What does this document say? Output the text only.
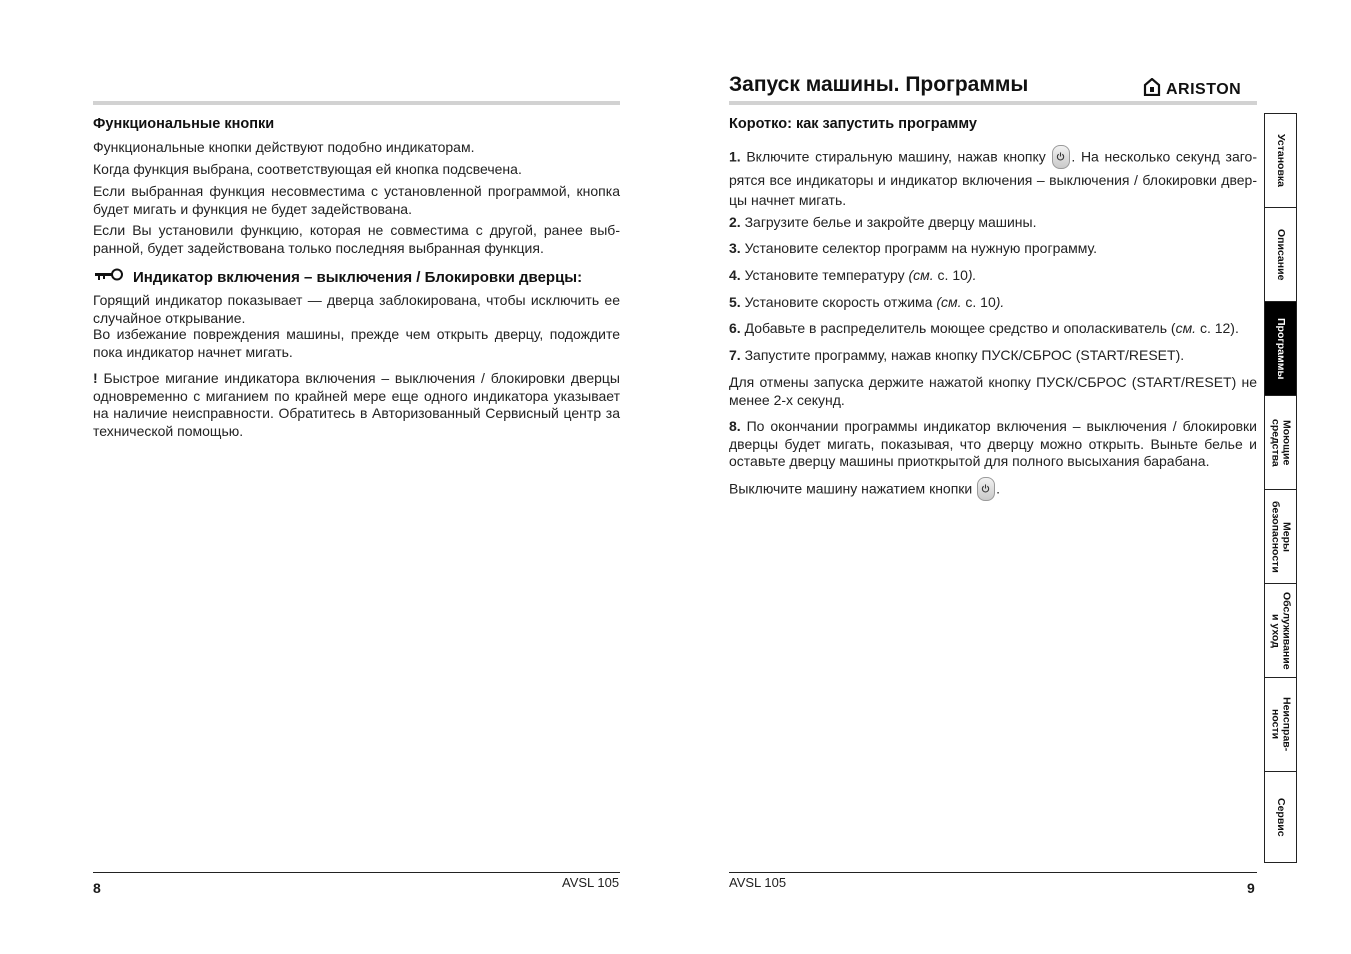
Функциональные кнопки

Функциональные кнопки действуют подобно индикаторам.

Когда функция выбрана, соответствующая ей кнопка подсвечена.

Если выбранная функция несовместима с установленной программой, кнопка будет мигать и функция не будет задействована.

Если Вы установили функцию, которая не совместима с другой, ранее выбранной, будет задействована только последняя выбранная функция.

Индикатор включения – выключения / Блокировки дверцы:

Горящий индикатор показывает — дверца заблокирована, чтобы исключить ее случайное открывание.

Во избежание повреждения машины, прежде чем открыть дверцу, подождите пока индикатор начнет мигать.

! Быстрое мигание индикатора включения – выключения / блокировки дверцы одновременно с миганием по крайней мере еще одного индикатора указывает на наличие неисправности. Обратитесь в Авторизованный Сервисный центр за технической помощью.

8	AVSL 105
Запуск машины. Программы	ARISTON
Коротко: как запустить программу

1. Включите стиральную машину, нажав кнопку
. На несколько секунд загорятся все индикаторы и индикатор включения – выключения / блокировки дверцы начнет мигать.

2. Загрузите белье и закройте дверцу машины.

3. Установите селектор программ на нужную программу.

4. Установите температуру (см. с. 10).

5. Установите скорость отжима (см. с. 10).

6. Добавьте в распределитель моющее средство и ополаскиватель (см. с. 12).

7. Запустите программу, нажав кнопку ПУСК/СБРОС (START/RESET).

Для отмены запуска держите нажатой кнопку ПУСК/СБРОС (START/RESET) не менее 2-х секунд.

8. По окончании программы индикатор включения – выключения / блокировки дверцы будет мигать, показывая, что дверцу можно открыть. Выньте белье и оставьте дверцу машины приоткрытой для полного высыхания барабана.

Выключите машину нажатием кнопки
.

AVSL 105	9
Установка
Описание
Программы
Моющие
средства
Меры
безопасности
Обслуживание
и уход
Неисправ-
ности
Сервис
